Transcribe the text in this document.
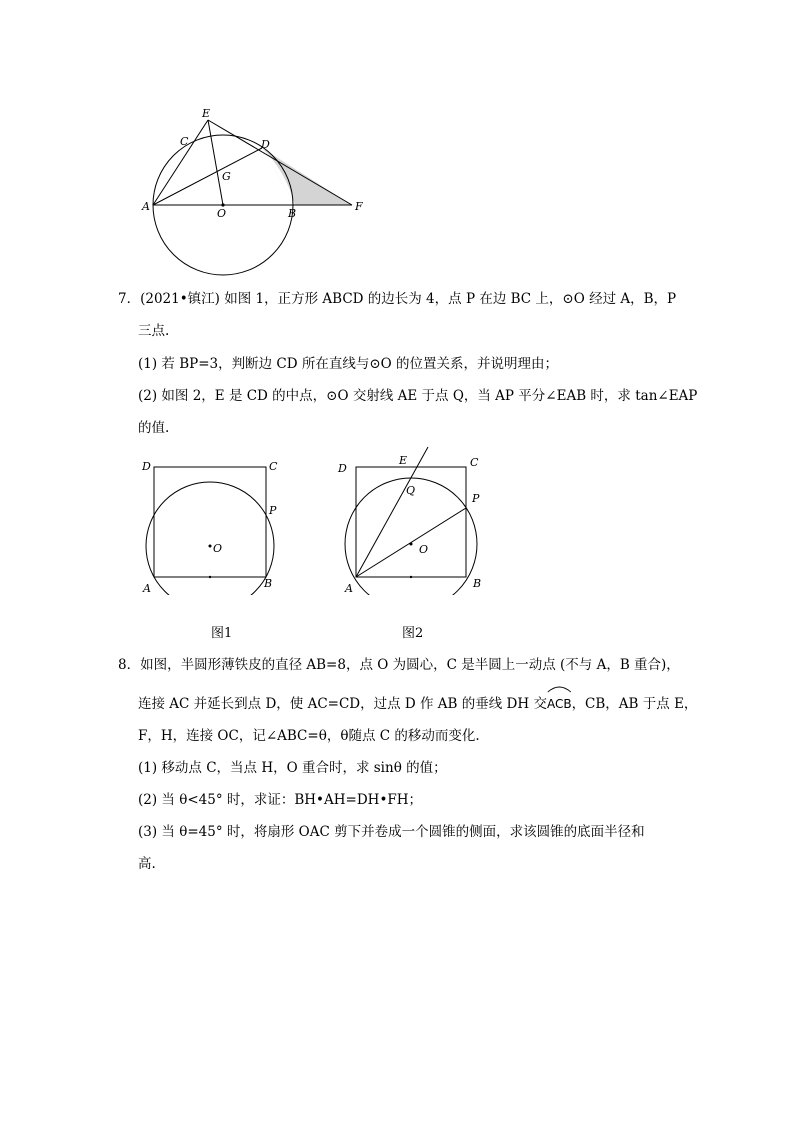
E
C	D
G
A
O	B
F
7．(2021•镇江) 如图 1，正方形 ABCD 的边长为 4，点 P 在边 BC 上，⊙O 经过 A，B，P
三点.
(1) 若 BP=3，判断边 CD 所在直线与⊙O 的位置关系，并说明理由；
(2) 如图 2，E 是 CD 的中点，⊙O 交射线 AE 于点 Q，当 AP 平分∠EAB 时，求 tan∠EAP
的值.
D	C
P
O
A	B
图1
D
E	C
Q
P
O
A	B
图2
8．如图，半圆形薄铁皮的直径 AB=8，点 O 为圆心，C 是半圆上一动点 (不与 A，B 重合)，
连接 AC 并延长到点 D，使 AC=CD，过点 D 作 AB 的垂线 DH 交
ACB，CB，AB 于点 E，
F，H，连接 OC，记∠ABC=θ，θ随点 C 的移动而变化.
(1) 移动点 C，当点 H，O 重合时，求 sinθ 的值；
(2) 当 θ<45° 时，求证：BH•AH=DH•FH；
(3) 当 θ=45° 时，将扇形 OAC 剪下并卷成一个圆锥的侧面，求该圆锥的底面半径和
高.
